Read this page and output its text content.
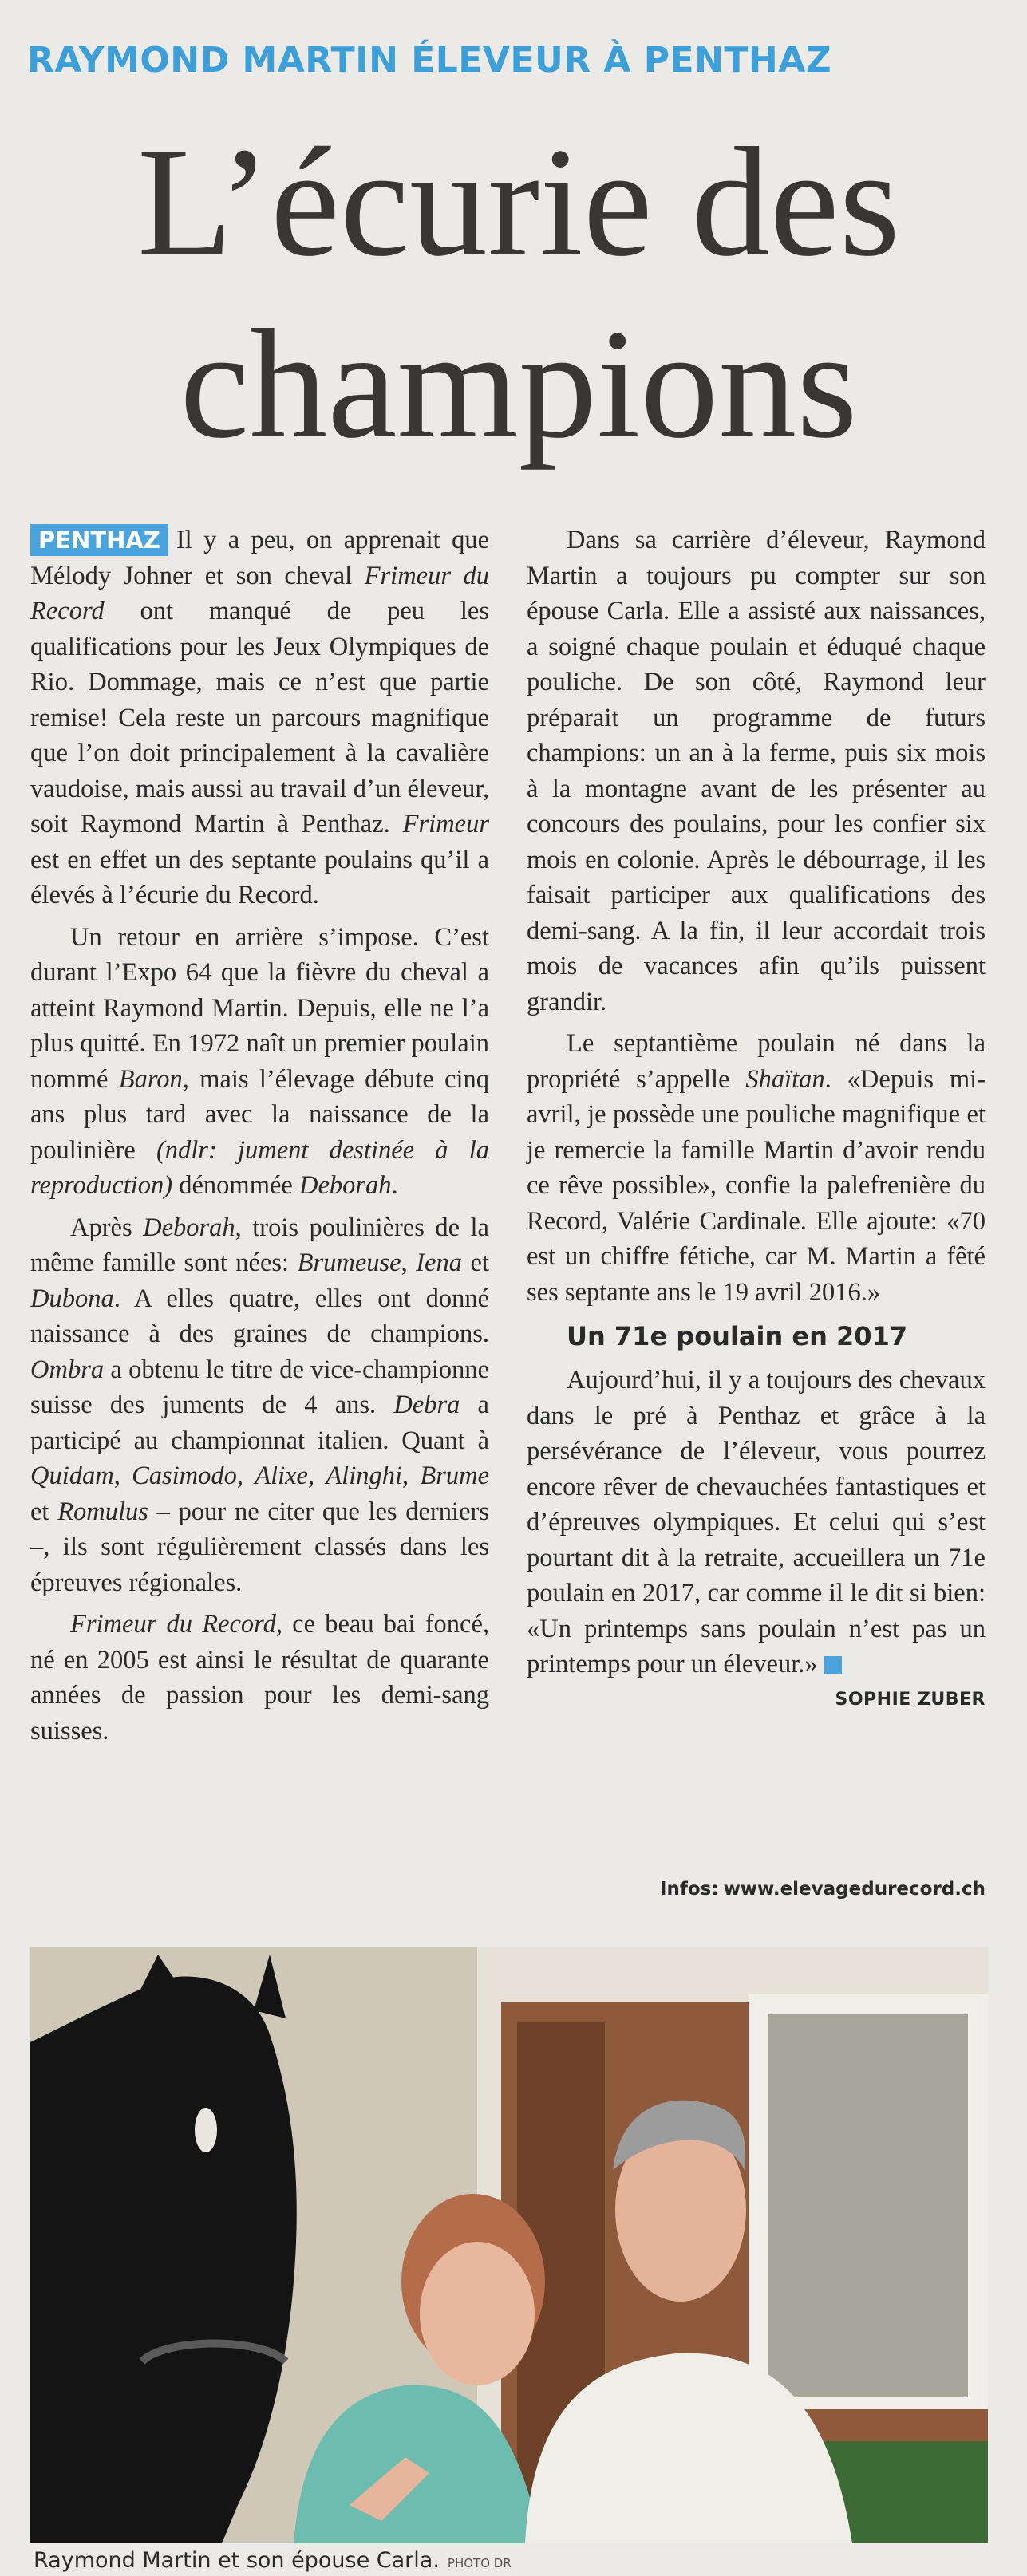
RAYMOND MARTIN ÉLEVEUR À PENTHAZ
L’écurie des
champions

PENTHAZ Il y a peu, on apprenait que Mélody Johner et son cheval Frimeur du Record ont manqué de peu les qualifications pour les Jeux Olympiques de Rio. Dommage, mais ce n’est que partie remise! Cela reste un parcours magnifique que l’on doit principalement à la cavalière vaudoise, mais aussi au travail d’un éleveur, soit Raymond Martin à Penthaz. Frimeur est en effet un des septante poulains qu’il a élevés à l’écurie du Record.

Un retour en arrière s’impose. C’est durant l’Expo 64 que la fièvre du cheval a atteint Raymond Martin. Depuis, elle ne l’a plus quitté. En 1972 naît un premier poulain nommé Baron, mais l’élevage débute cinq ans plus tard avec la naissance de la poulinière (ndlr: jument destinée à la reproduction) dénommée Deborah.

Après Deborah, trois poulinières de la même famille sont nées: Brumeuse, Iena et Dubona. A elles quatre, elles ont donné naissance à des graines de champions. Ombra a obtenu le titre de vice-championne suisse des juments de 4 ans. Debra a participé au championnat italien. Quant à Quidam, Casimodo, Alixe, Alinghi, Brume et Romulus – pour ne citer que les derniers –, ils sont régulièrement classés dans les épreuves régionales.

Frimeur du Record, ce beau bai foncé, né en 2005 est ainsi le résultat de quarante années de passion pour les demi-sang suisses.

Dans sa carrière d’éleveur, Raymond Martin a toujours pu compter sur son épouse Carla. Elle a assisté aux naissances, a soigné chaque poulain et éduqué chaque pouliche. De son côté, Raymond leur préparait un programme de futurs champions: un an à la ferme, puis six mois à la montagne avant de les présenter au concours des poulains, pour les confier six mois en colonie. Après le débourrage, il les faisait participer aux qualifications des demi-sang. A la fin, il leur accordait trois mois de vacances afin qu’ils puissent grandir.

Le septantième poulain né dans la propriété s’appelle Shaïtan. «Depuis mi-avril, je possède une pouliche magnifique et je remercie la famille Martin d’avoir rendu ce rêve possible», confie la palefrenière du Record, Valérie Cardinale. Elle ajoute: «70 est un chiffre fétiche, car M. Martin a fêté ses septante ans le 19 avril 2016.»

Un 71e poulain en 2017

Aujourd’hui, il y a toujours des chevaux dans le pré à Penthaz et grâce à la persévérance de l’éleveur, vous pourrez encore rêver de chevauchées fantastiques et d’épreuves olympiques. Et celui qui s’est pourtant dit à la retraite, accueillera un 71e poulain en 2017, car comme il le dit si bien: «Un printemps sans poulain n’est pas un printemps pour un éleveur.»
SOPHIE ZUBER

Infos: www.elevagedurecord.ch
Raymond Martin et son épouse Carla. PHOTO DR
